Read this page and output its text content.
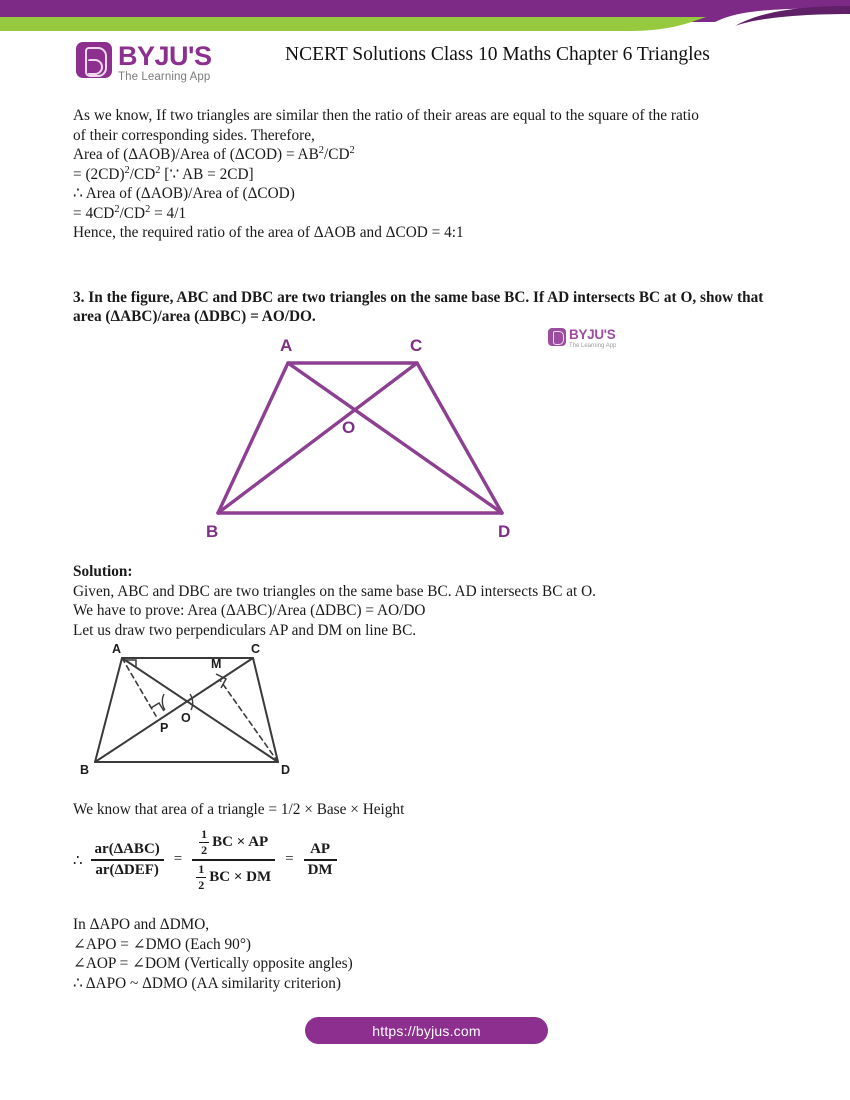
BYJU'S
The Learning App
NCERT Solutions Class 10 Maths Chapter 6 Triangles

As we know, If two triangles are similar then the ratio of their areas are equal to the square of the ratio
of their corresponding sides. Therefore,
Area of (ΔAOB)/Area of $(\Delta COD) = AB^2/CD^2$
= $(2CD)^2/CD^2$ [∵ AB = 2CD]
∴ Area of (ΔAOB)/Area of (ΔCOD)
= $4CD^2/CD^2 = 4/1$
Hence, the required ratio of the area of ΔAOB and ΔCOD = 4:1

3. In the figure, ABC and DBC are two triangles on the same base BC. If AD intersects BC at O, show that area (ΔABC)/area (ΔDBC) = AO/DO.
A	C
B	D
O
BYJU'S
The Learning App
Solution:
Given, ABC and DBC are two triangles on the same base BC. AD intersects BC at O.
We have to prove: Area (ΔABC)/Area (ΔDBC) = AO/DO
Let us draw two perpendiculars AP and DM on line BC.
A	C
B	D
O
P
M
We know that area of a triangle = 1/2 × Base × Height
∴ $\frac{\text{ar(ΔABC)}}{\text{ar(ΔDEF)}} = \frac{\frac{1}{2} BC \times AP}{\frac{1}{2} BC \times DM} = \frac{AP}{DM}$
In ΔAPO and ΔDMO,
∠APO = ∠DMO (Each 90°)
∠AOP = ∠DOM (Vertically opposite angles)
∴ ΔAPO ~ ΔDMO (AA similarity criterion)
https://byjus.com
